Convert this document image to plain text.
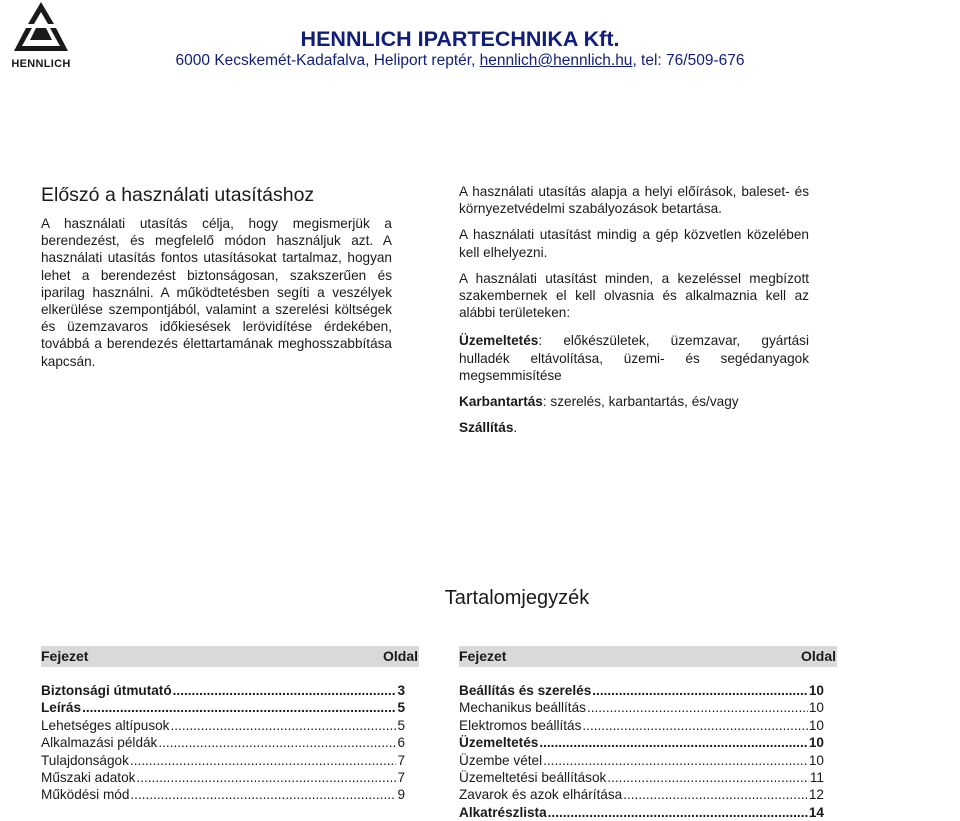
HENNLICH
HENNLICH IPARTECHNIKA Kft.
6000 Kecskemét-Kadafalva, Heliport reptér, hennlich@hennlich.hu, tel: 76/509-676
Előszó a használati utasításhoz
A használati utasítás célja, hogy megismerjük a berendezést, és megfelelő módon használjuk azt. A használati utasítás fontos utasításokat tartalmaz, hogyan lehet a berendezést biztonságosan, szakszerűen és iparilag használni. A működtetésben segíti a veszélyek elkerülése szempontjából, valamint a szerelési költségek és üzemzavaros időkiesések lerövidítése érdekében, továbbá a berendezés élettartamának meghosszabbítása kapcsán.

A használati utasítás alapja a helyi előírások, baleset- és környezetvédelmi szabályozások betartása.

A használati utasítást mindig a gép közvetlen közelében kell elhelyezni.

A használati utasítást minden, a kezeléssel megbízott szakembernek el kell olvasnia és alkalmaznia kell az alábbi területeken:

Üzemeltetés: előkészületek, üzemzavar, gyártási hulladék eltávolítása, üzemi- és segédanyagok megsemmisítése

Karbantartás: szerelés, karbantartás, és/vagy

Szállítás.

Tartalomjegyzék
Fejezet	Oldal	Fejezet	Oldal
Biztonsági útmutató .....	3
Leírás .....	5
Lehetséges altípusok .....	5
Alkalmazási példák .....	6
Tulajdonságok .....	7
Műszaki adatok .....	7
Működési mód .....	9
Beállítás és szerelés .....	10
Mechanikus beállítás .....	10
Elektromos beállítás .....	10
Üzemeltetés .....	10
Üzembe vétel .....	10
Üzemeltetési beállítások .....	11
Zavarok és azok elhárítása .....	12
Alkatrészlista .....	14
